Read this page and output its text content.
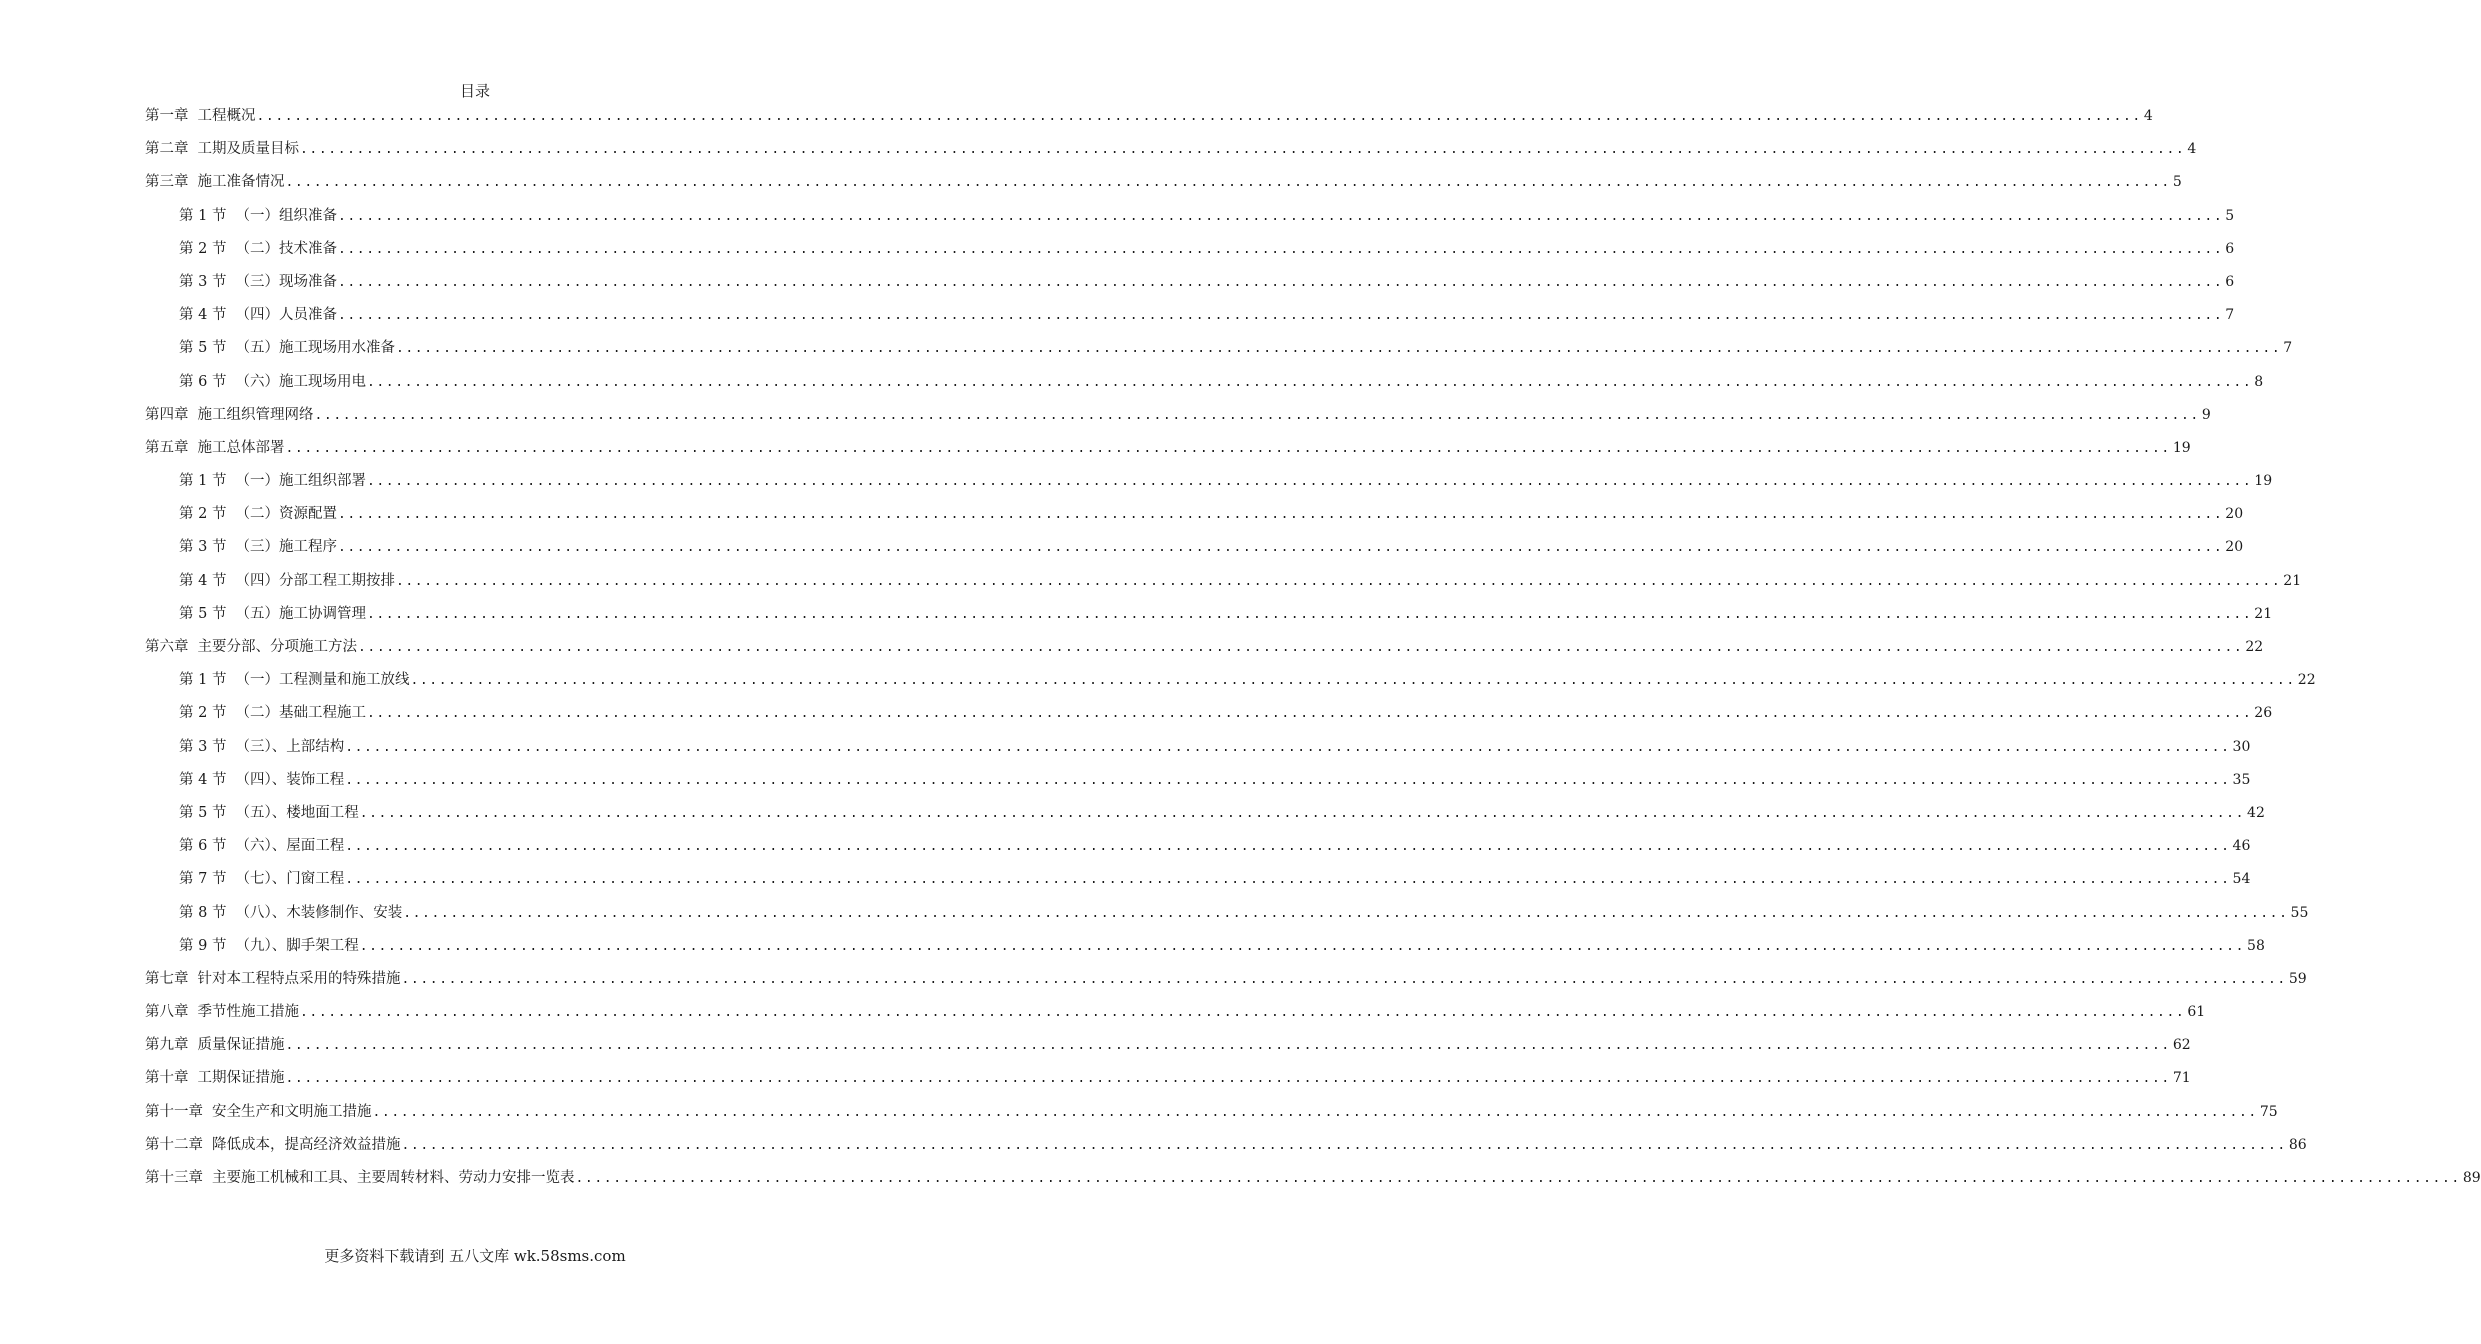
目录
第一章 工程概况 ........................................................................................................................................................................................................ 4
第二章 工期及质量目标 ........................................................................................................................................................................................................ 4
第三章 施工准备情况 ........................................................................................................................................................................................................ 5
第 1 节 （一）组织准备 ........................................................................................................................................................................................................ 5
第 2 节 （二）技术准备 ........................................................................................................................................................................................................ 6
第 3 节 （三）现场准备 ........................................................................................................................................................................................................ 6
第 4 节 （四）人员准备 ........................................................................................................................................................................................................ 7
第 5 节 （五）施工现场用水准备 ........................................................................................................................................................................................................ 7
第 6 节 （六）施工现场用电 ........................................................................................................................................................................................................ 8
第四章 施工组织管理网络 ........................................................................................................................................................................................................ 9
第五章 施工总体部署 ........................................................................................................................................................................................................ 19
第 1 节 （一）施工组织部署 ........................................................................................................................................................................................................ 19
第 2 节 （二）资源配置 ........................................................................................................................................................................................................ 20
第 3 节 （三）施工程序 ........................................................................................................................................................................................................ 20
第 4 节 （四）分部工程工期按排 ........................................................................................................................................................................................................ 21
第 5 节 （五）施工协调管理 ........................................................................................................................................................................................................ 21
第六章 主要分部、分项施工方法 ........................................................................................................................................................................................................ 22
第 1 节 （一）工程测量和施工放线 ........................................................................................................................................................................................................ 22
第 2 节 （二）基础工程施工 ........................................................................................................................................................................................................ 26
第 3 节 （三）、上部结构 ........................................................................................................................................................................................................ 30
第 4 节 （四）、装饰工程 ........................................................................................................................................................................................................ 35
第 5 节 （五）、楼地面工程 ........................................................................................................................................................................................................ 42
第 6 节 （六）、屋面工程 ........................................................................................................................................................................................................ 46
第 7 节 （七）、门窗工程 ........................................................................................................................................................................................................ 54
第 8 节 （八）、木装修制作、安装 ........................................................................................................................................................................................................ 55
第 9 节 （九）、脚手架工程 ........................................................................................................................................................................................................ 58
第七章 针对本工程特点采用的特殊措施 ........................................................................................................................................................................................................ 59
第八章 季节性施工措施 ........................................................................................................................................................................................................ 61
第九章 质量保证措施 ........................................................................................................................................................................................................ 62
第十章 工期保证措施 ........................................................................................................................................................................................................ 71
第十一章 安全生产和文明施工措施 ........................................................................................................................................................................................................ 75
第十二章 降低成本，提高经济效益措施 ........................................................................................................................................................................................................ 86
第十三章 主要施工机械和工具、主要周转材料、劳动力安排一览表 ........................................................................................................................................................................................................ 89
更多资料下载请到 五八文库 wk.58sms.com
